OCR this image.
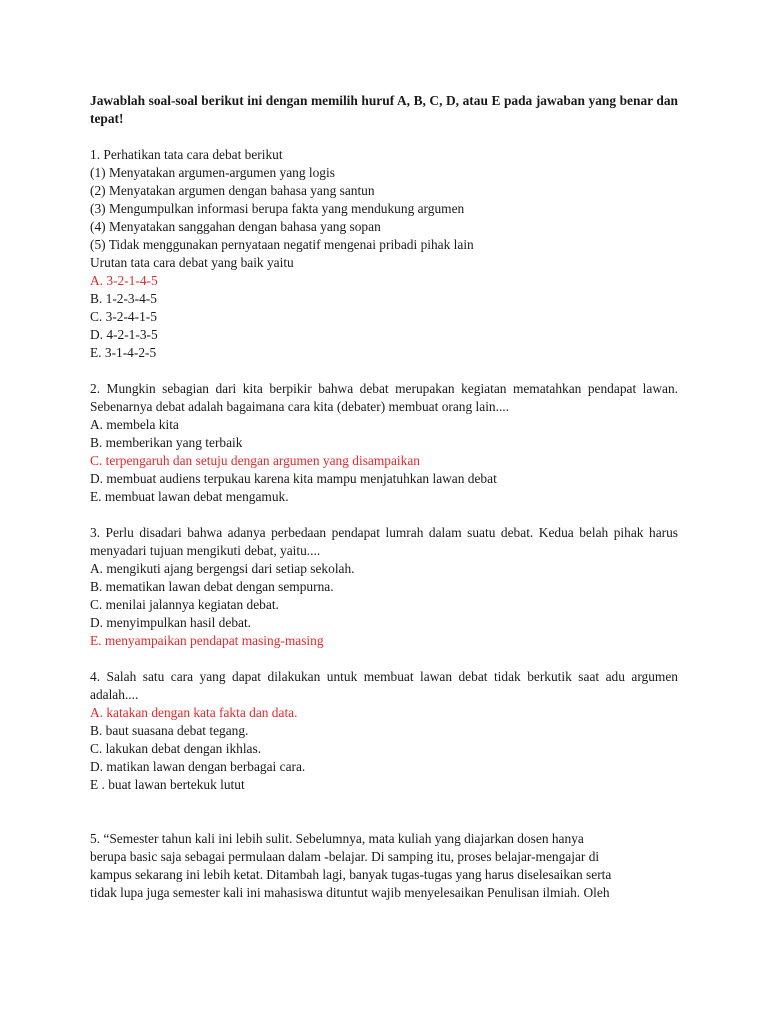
Jawablah soal-soal berikut ini dengan memilih huruf A, B, C, D, atau E pada jawaban yang benar dan tepat!

1. Perhatikan tata cara debat berikut

(1) Menyatakan argumen-argumen yang logis

(2) Menyatakan argumen dengan bahasa yang santun

(3) Mengumpulkan informasi berupa fakta yang mendukung argumen

(4) Menyatakan sanggahan dengan bahasa yang sopan

(5) Tidak menggunakan pernyataan negatif mengenai pribadi pihak lain

Urutan tata cara debat yang baik yaitu

A. 3-2-1-4-5

B. 1-2-3-4-5

C. 3-2-4-1-5

D. 4-2-1-3-5

E. 3-1-4-2-5

2. Mungkin sebagian dari kita berpikir bahwa debat merupakan kegiatan mematahkan pendapat lawan. Sebenarnya debat adalah bagaimana cara kita (debater) membuat orang lain....

A. membela kita

B. memberikan yang terbaik

C. terpengaruh dan setuju dengan argumen yang disampaikan

D. membuat audiens terpukau karena kita mampu menjatuhkan lawan debat

E. membuat lawan debat mengamuk.

3. Perlu disadari bahwa adanya perbedaan pendapat lumrah dalam suatu debat. Kedua belah pihak harus menyadari tujuan mengikuti debat, yaitu....

A. mengikuti ajang bergengsi dari setiap sekolah.

B. mematikan lawan debat dengan sempurna.

C. menilai jalannya kegiatan debat.

D. menyimpulkan hasil debat.

E. menyampaikan pendapat masing-masing

4. Salah satu cara yang dapat dilakukan untuk membuat lawan debat tidak berkutik saat adu argumen adalah....

A. katakan dengan kata fakta dan data.

B. baut suasana debat tegang.

C. lakukan debat dengan ikhlas.

D. matikan lawan dengan berbagai cara.

E . buat lawan bertekuk lutut

5. “Semester tahun kali ini lebih sulit. Sebelumnya, mata kuliah yang diajarkan dosen hanya

berupa basic saja sebagai permulaan dalam -belajar. Di samping itu, proses belajar-mengajar di

kampus sekarang ini lebih ketat. Ditambah lagi, banyak tugas-tugas yang harus diselesaikan serta

tidak lupa juga semester kali ini mahasiswa dituntut wajib menyelesaikan Penulisan ilmiah. Oleh
